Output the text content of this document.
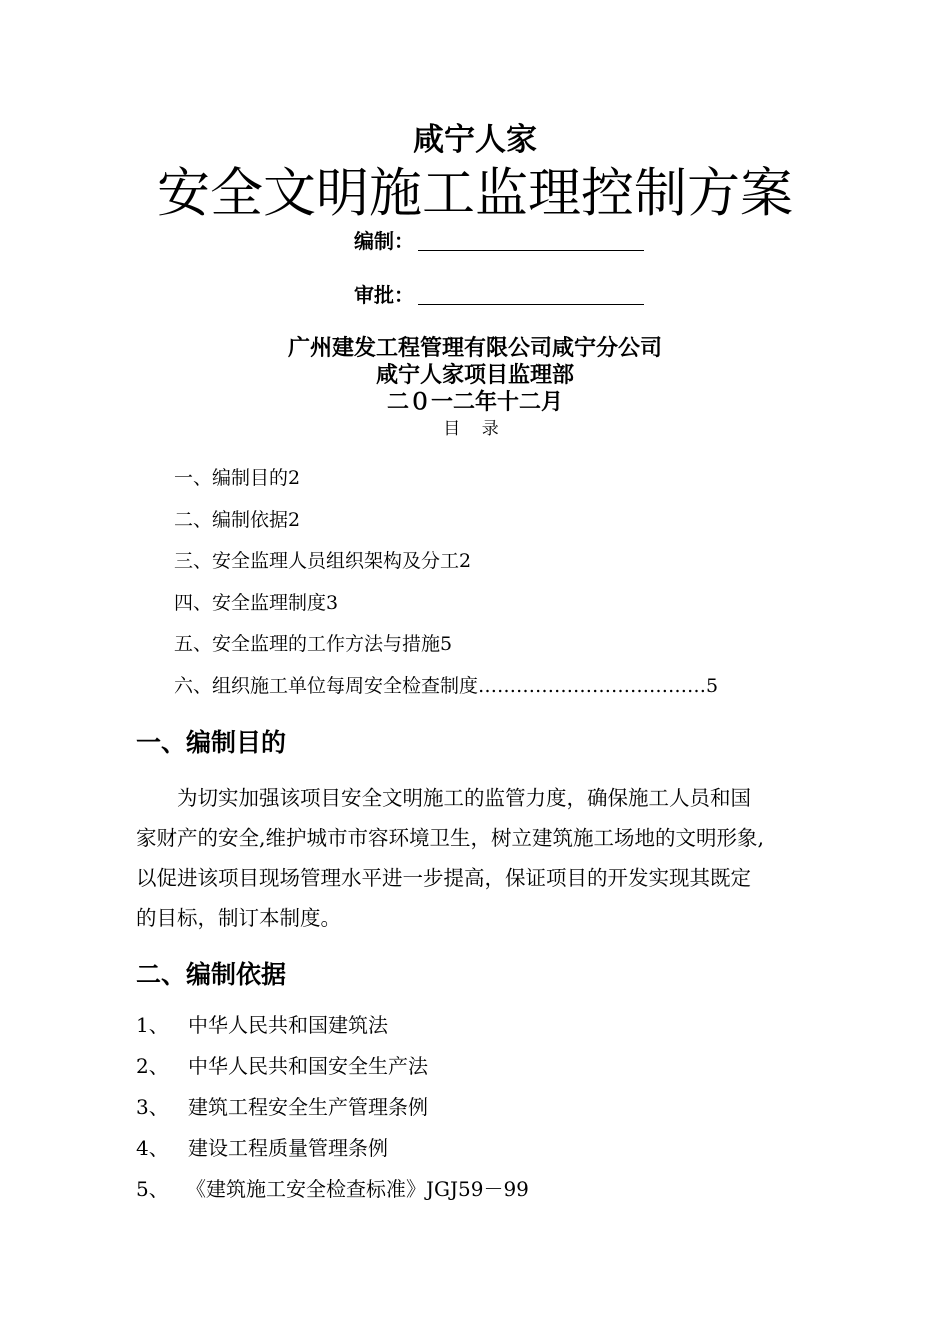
咸宁人家
安全文明施工监理控制方案
编制：
审批：
广州建发工程管理有限公司咸宁分公司
咸宁人家项目监理部
二０一二年十二月
目 录
一、编制目的2
二、编制依据2
三、安全监理人员组织架构及分工2
四、安全监理制度3
五、安全监理的工作方法与措施5
六、组织施工单位每周安全检查制度………………………………5
一、编制目的
为切实加强该项目安全文明施工的监管力度，确保施工人员和国
家财产的安全,维护城市市容环境卫生，树立建筑施工场地的文明形象,
以促进该项目现场管理水平进一步提高，保证项目的开发实现其既定
的目标，制订本制度。
二、编制依据
1、 中华人民共和国建筑法
2、 中华人民共和国安全生产法
3、 建筑工程安全生产管理条例
4、 建设工程质量管理条例
5、 《建筑施工安全检查标准》JGJ59－99
